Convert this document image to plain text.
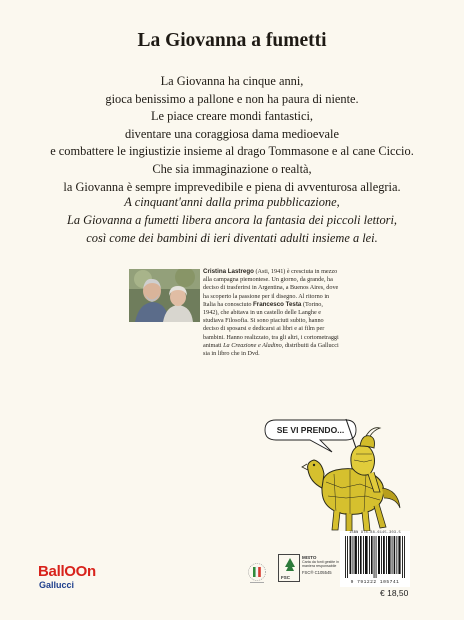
La Giovanna a fumetti
La Giovanna ha cinque anni,
gioca benissimo a pallone e non ha paura di niente.
Le piace creare mondi fantastici,
diventare una coraggiosa dama medioevale
e combattere le ingiustizie insieme al drago Tommasone e al cane Ciccio.
Che sia immaginazione o realtà,
la Giovanna è sempre imprevedibile e piena di avventurosa allegria.
A cinquant'anni dalla prima pubblicazione,
La Giovanna a fumetti libera ancora la fantasia dei piccoli lettori,
così come dei bambini di ieri diventati adulti insieme a lei.
Cristina Lastrego (Asti, 1941) è cresciuta in mezzo alla campagna piemontese. Un giorno, da grande, ha deciso di trasferirsi in Argentina, a Buenos Aires, dove ha scoperto la passione per il disegno. Al ritorno in Italia ha conosciuto Francesco Testa (Torino, 1942), che abitava in un castello delle Langhe e studiava Filosofia. Si sono piaciuti subito, hanno deciso di sposarsi e dedicarsi ai libri e ai film per bambini. Hanno realizzato, tra gli altri, i cortometraggi animati La Creazione e Aladino, distribuiti da Gallucci sia in libro che in Dvd.
SE VI PRENDO...
ISBN 978-88-6145-303-5
9 791222 105741
€ 18,50
BallOOn
Gallucci
FSC
MISTO
Carta da fonti gestite in maniera responsabile
FSC® C105545
